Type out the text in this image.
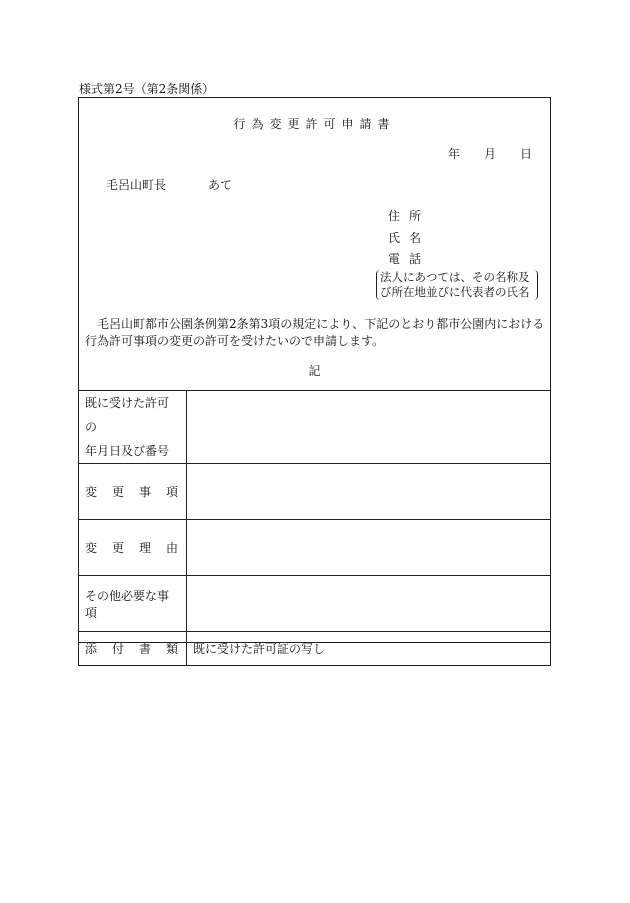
様式第2号（第2条関係）
行為変更許可申請書
年 月 日
毛呂山町長	あて
住 所
氏 名
電 話
法人にあつては、その名称及
び所在地並びに代表者の氏名
毛呂山町都市公園条例第2条第3項の規定により、下記のとおり都市公園内における行為許可事項の変更の許可を受けたいので申請します。
記
既に受けた許可の
年月日及び番号	

変 更 事 項	

変 更 理 由	

その他必要な事項	

添 付 書 類	既に受けた許可証の写し
